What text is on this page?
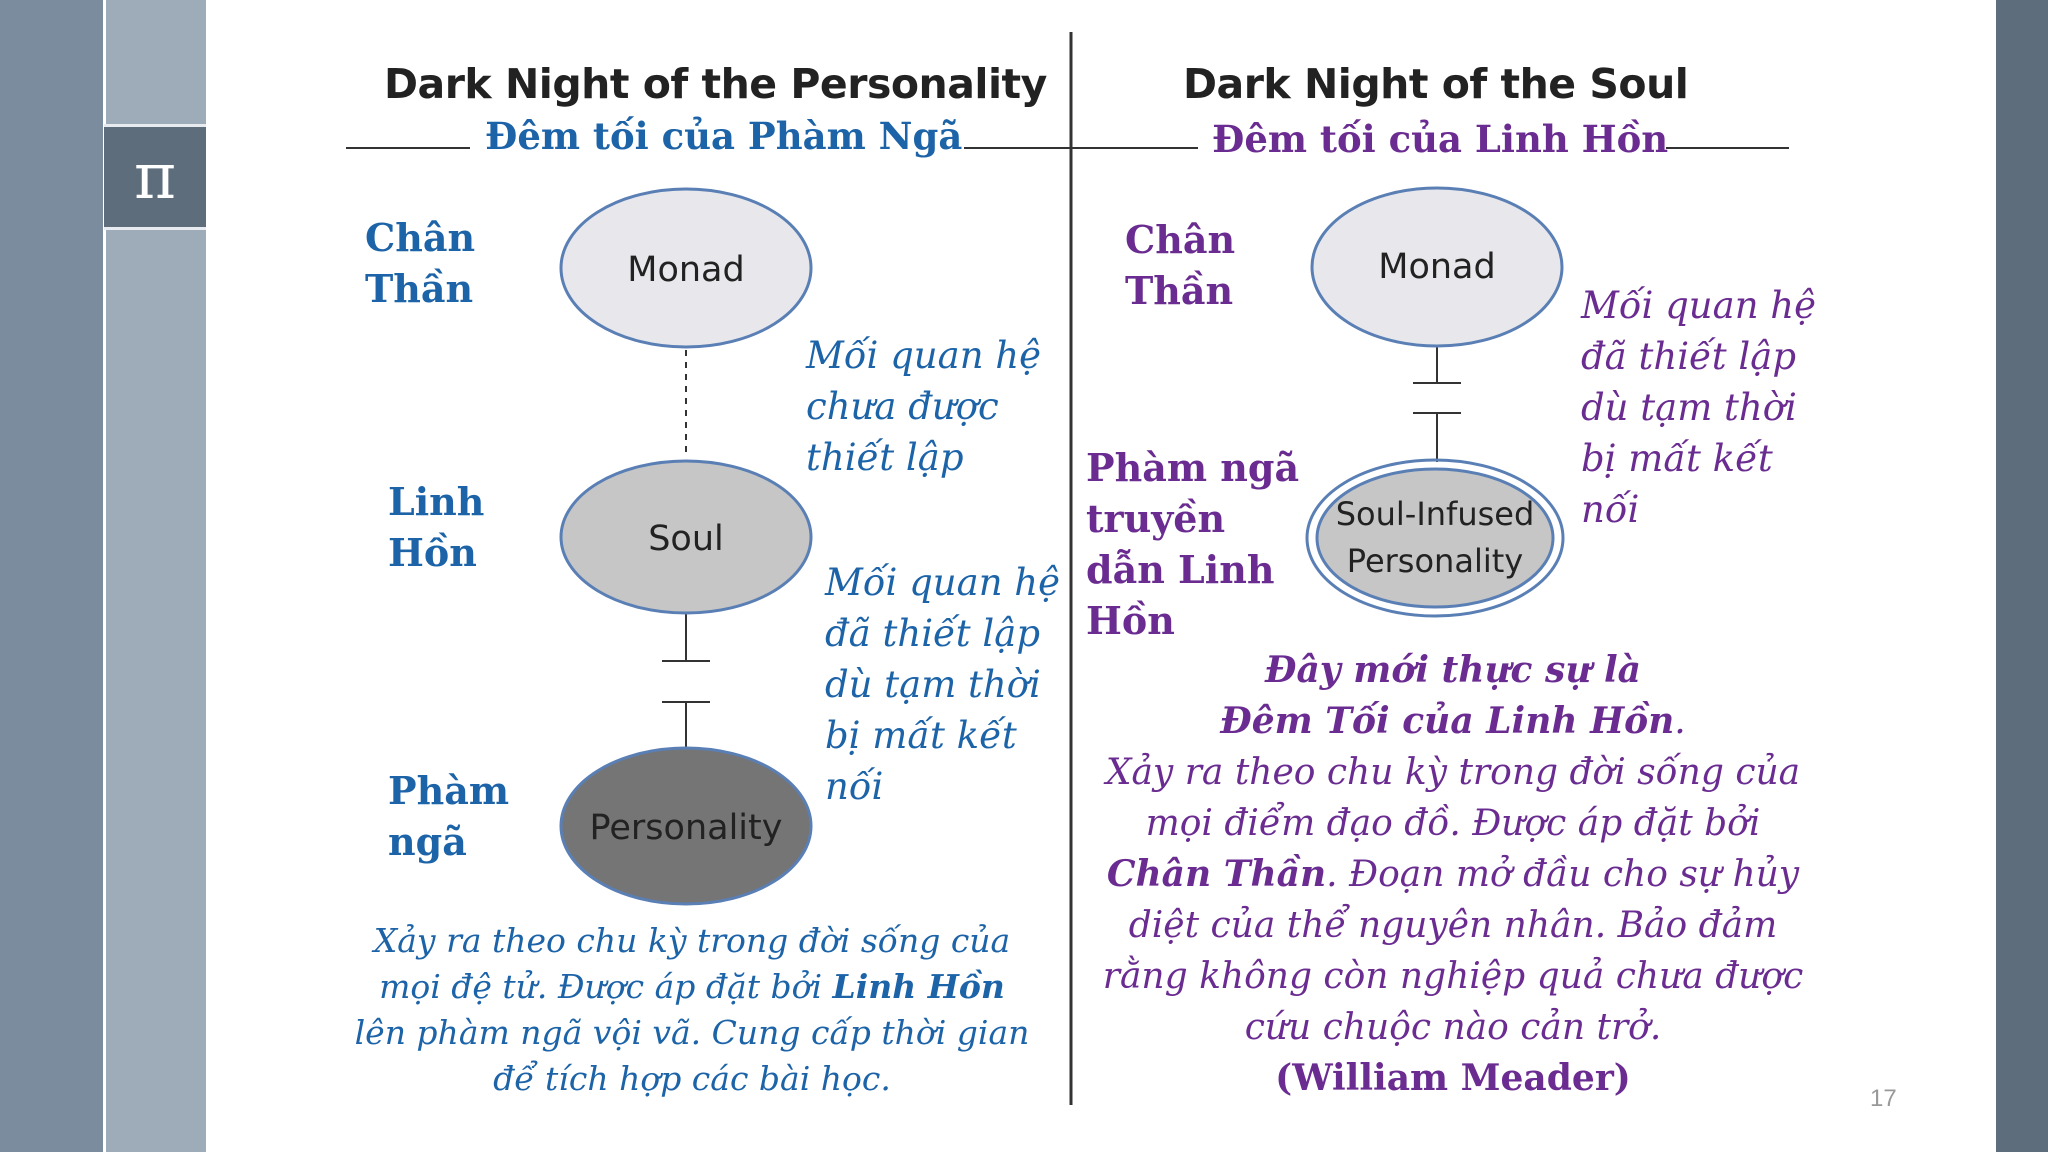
π
Monad
Soul
Personality
Monad
Soul-Infused
Personality
Dark Night of the Personality
Đêm tối của Phàm Ngã
Dark Night of the Soul
Đêm tối của Linh Hồn
Chân
Thần
Linh
Hồn
Phàm
ngã
Mối quan hệ
chưa được
thiết lập
Mối quan hệ
đã thiết lập
dù tạm thời
bị mất kết
nối
Xảy ra theo chu kỳ trong đời sống của mọi đệ tử. Được áp đặt bởi Linh Hồn lên phàm ngã vội vã. Cung cấp thời gian để tích hợp các bài học.
Chân
Thần
Phàm ngã
truyền
dẫn Linh
Hồn
Mối quan hệ
đã thiết lập
dù tạm thời
bị mất kết
nối
Đây mới thực sự là
Đêm Tối của Linh Hồn.
Xảy ra theo chu kỳ trong đời sống của mọi điểm đạo đồ. Được áp đặt bởi Chân Thần. Đoạn mở đầu cho sự hủy diệt của thể nguyên nhân. Bảo đảm rằng không còn nghiệp quả chưa được cứu chuộc nào cản trở.
(William Meader)	17
